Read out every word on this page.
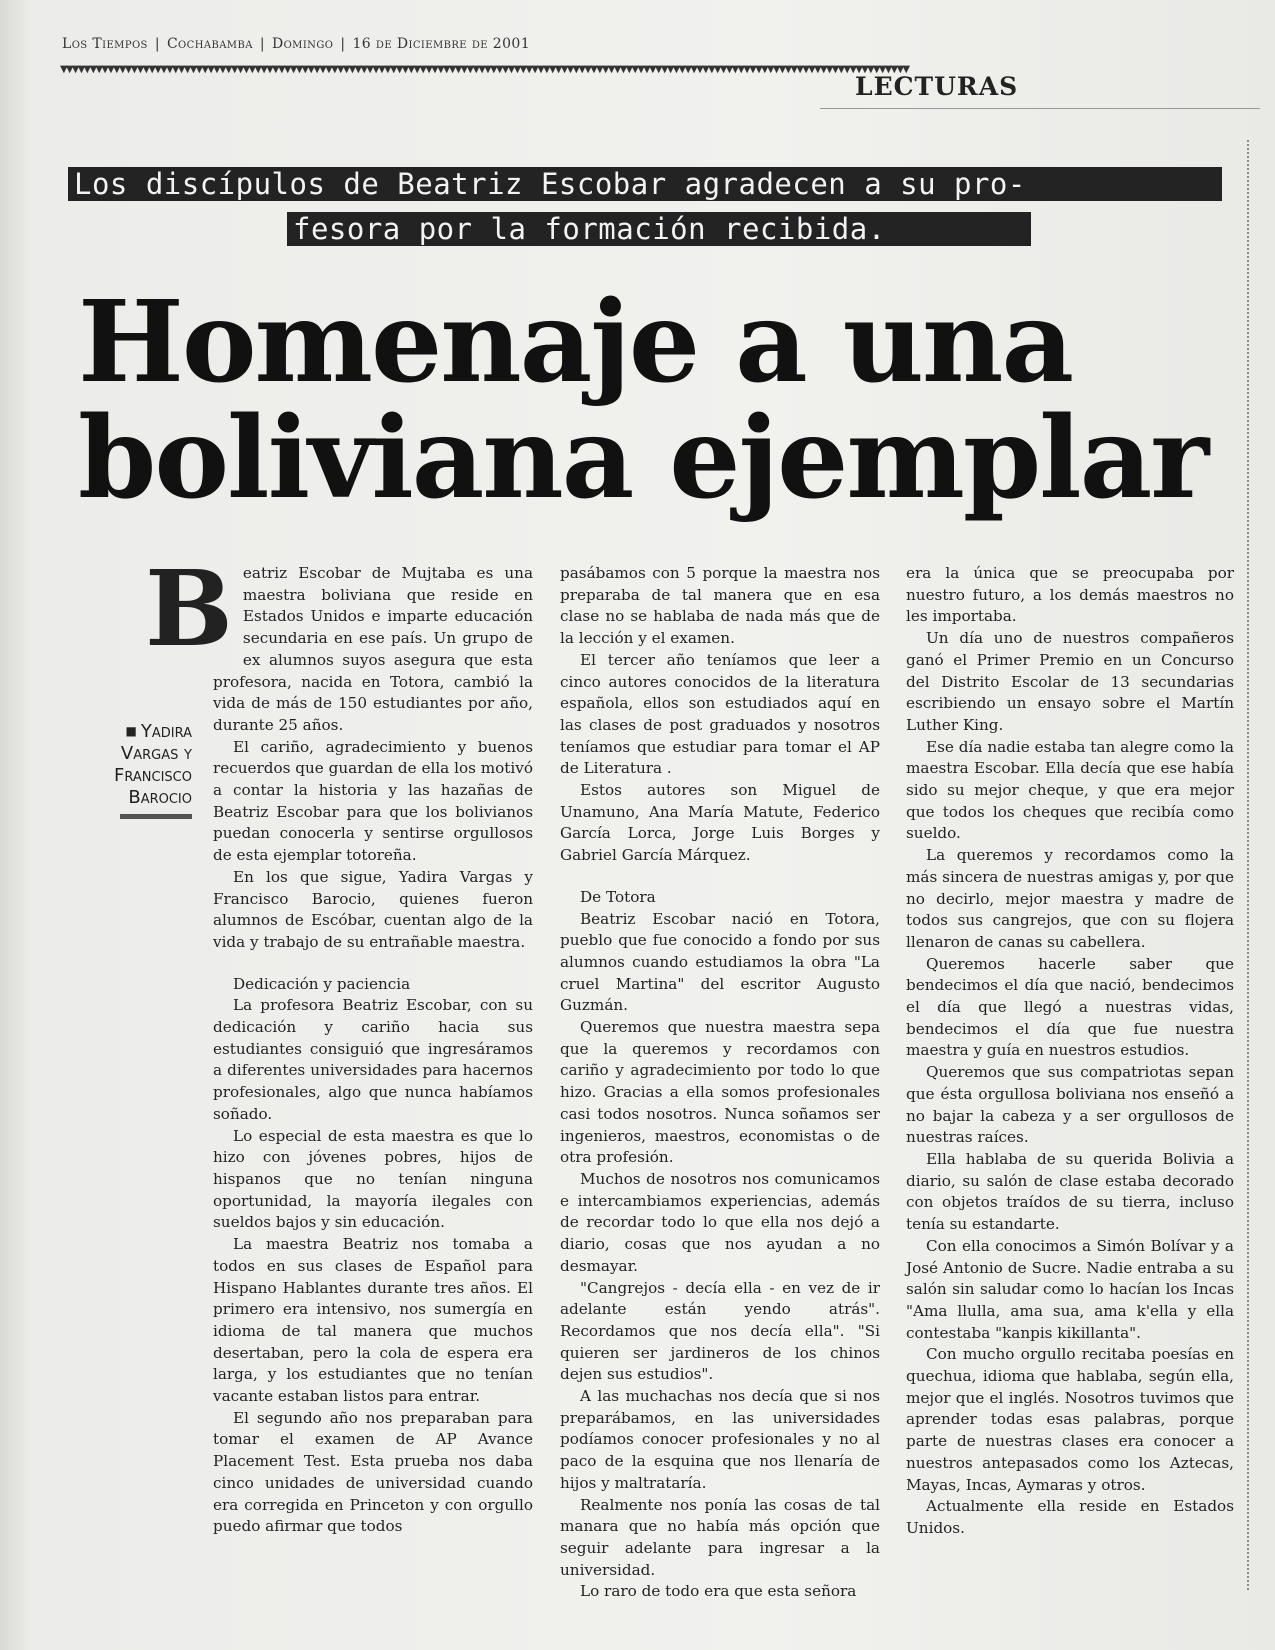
Los Tiempos | Cochabamba | Domingo | 16 de Diciembre de 2001
▼▼▼▼▼▼▼▼▼▼▼▼▼▼▼▼▼▼▼▼▼▼▼▼▼▼▼▼▼▼▼▼▼▼▼▼▼▼▼▼▼▼▼▼▼▼▼▼▼▼▼▼▼▼▼▼▼▼▼▼▼▼▼▼▼▼▼▼▼▼▼▼▼▼▼▼▼▼▼▼▼▼▼▼▼▼▼▼▼▼▼▼▼▼▼▼▼▼▼▼▼▼▼▼▼▼▼▼▼▼▼▼▼▼▼▼▼▼▼▼▼▼▼▼▼▼▼▼▼▼▼▼▼▼▼▼▼▼▼▼▼▼▼▼
LECTURAS
Los discípulos de Beatriz Escobar agradecen a su pro-
fesora por la formación recibida.
Homenaje a una
boliviana ejemplar
■ Yadira
Vargas y
Francisco
Barocio

Beatriz Escobar de Mujtaba es una maestra boliviana que reside en Estados Unidos e imparte educación secundaria en ese país. Un grupo de ex alumnos suyos asegura que esta profesora, nacida en Totora, cambió la vida de más de 150 estudiantes por año, durante 25 años.

El cariño, agradecimiento y buenos recuerdos que guardan de ella los motivó a contar la historia y las hazañas de Beatriz Escobar para que los bolivianos puedan conocerla y sentirse orgullosos de esta ejemplar totoreña.

En los que sigue, Yadira Vargas y Francisco Barocio, quienes fueron alumnos de Escóbar, cuentan algo de la vida y trabajo de su entrañable maestra.

Dedicación y paciencia

La profesora Beatriz Escobar, con su dedicación y cariño hacia sus estudiantes consiguió que ingresáramos a diferentes universidades para hacernos profesionales, algo que nunca habíamos soñado.

Lo especial de esta maestra es que lo hizo con jóvenes pobres, hijos de hispanos que no tenían ninguna oportunidad, la mayoría ilegales con sueldos bajos y sin educación.

La maestra Beatriz nos tomaba a todos en sus clases de Español para Hispano Hablantes durante tres años. El primero era intensivo, nos sumergía en idioma de tal manera que muchos desertaban, pero la cola de espera era larga, y los estudiantes que no tenían vacante estaban listos para entrar.

El segundo año nos preparaban para tomar el examen de AP Avance Placement Test. Esta prueba nos daba cinco unidades de universidad cuando era corregida en Princeton y con orgullo puedo afirmar que todos

pasábamos con 5 porque la maestra nos preparaba de tal manera que en esa clase no se hablaba de nada más que de la lección y el examen.

El tercer año teníamos que leer a cinco autores conocidos de la literatura española, ellos son estudiados aquí en las clases de post graduados y nosotros teníamos que estudiar para tomar el AP de Literatura .

Estos autores son Miguel de Unamuno, Ana María Matute, Federico García Lorca, Jorge Luis Borges y Gabriel García Márquez.

De Totora

Beatriz Escobar nació en Totora, pueblo que fue conocido a fondo por sus alumnos cuando estudiamos la obra "La cruel Martina" del escritor Augusto Guzmán.

Queremos que nuestra maestra sepa que la queremos y recordamos con cariño y agradecimiento por todo lo que hizo. Gracias a ella somos profesionales casi todos nosotros. Nunca soñamos ser ingenieros, maestros, economistas o de otra profesión.

Muchos de nosotros nos comunicamos e intercambiamos experiencias, además de recordar todo lo que ella nos dejó a diario, cosas que nos ayudan a no desmayar.

"Cangrejos - decía ella - en vez de ir adelante están yendo atrás". Recordamos que nos decía ella". "Si quieren ser jardineros de los chinos dejen sus estudios".

A las muchachas nos decía que si nos preparábamos, en las universidades podíamos conocer profesionales y no al paco de la esquina que nos llenaría de hijos y maltrataría.

Realmente nos ponía las cosas de tal manara que no había más opción que seguir adelante para ingresar a la universidad.

Lo raro de todo era que esta señora

era la única que se preocupaba por nuestro futuro, a los demás maestros no les importaba.

Un día uno de nuestros compañeros ganó el Primer Premio en un Concurso del Distrito Escolar de 13 secundarias escribiendo un ensayo sobre el Martín Luther King.

Ese día nadie estaba tan alegre como la maestra Escobar. Ella decía que ese había sido su mejor cheque, y que era mejor que todos los cheques que recibía como sueldo.

La queremos y recordamos como la más sincera de nuestras amigas y, por que no decirlo, mejor maestra y madre de todos sus cangrejos, que con su flojera llenaron de canas su cabellera.

Queremos hacerle saber que bendecimos el día que nació, bendecimos el día que llegó a nuestras vidas, bendecimos el día que fue nuestra maestra y guía en nuestros estudios.

Queremos que sus compatriotas sepan que ésta orgullosa boliviana nos enseñó a no bajar la cabeza y a ser orgullosos de nuestras raíces.

Ella hablaba de su querida Bolivia a diario, su salón de clase estaba decorado con objetos traídos de su tierra, incluso tenía su estandarte.

Con ella conocimos a Simón Bolívar y a José Antonio de Sucre. Nadie entraba a su salón sin saludar como lo hacían los Incas "Ama llulla, ama sua, ama k'ella y ella contestaba "kanpis kikillanta".

Con mucho orgullo recitaba poesías en quechua, idioma que hablaba, según ella, mejor que el inglés. Nosotros tuvimos que aprender todas esas palabras, porque parte de nuestras clases era conocer a nuestros antepasados como los Aztecas, Mayas, Incas, Aymaras y otros.

Actualmente ella reside en Estados Unidos.
